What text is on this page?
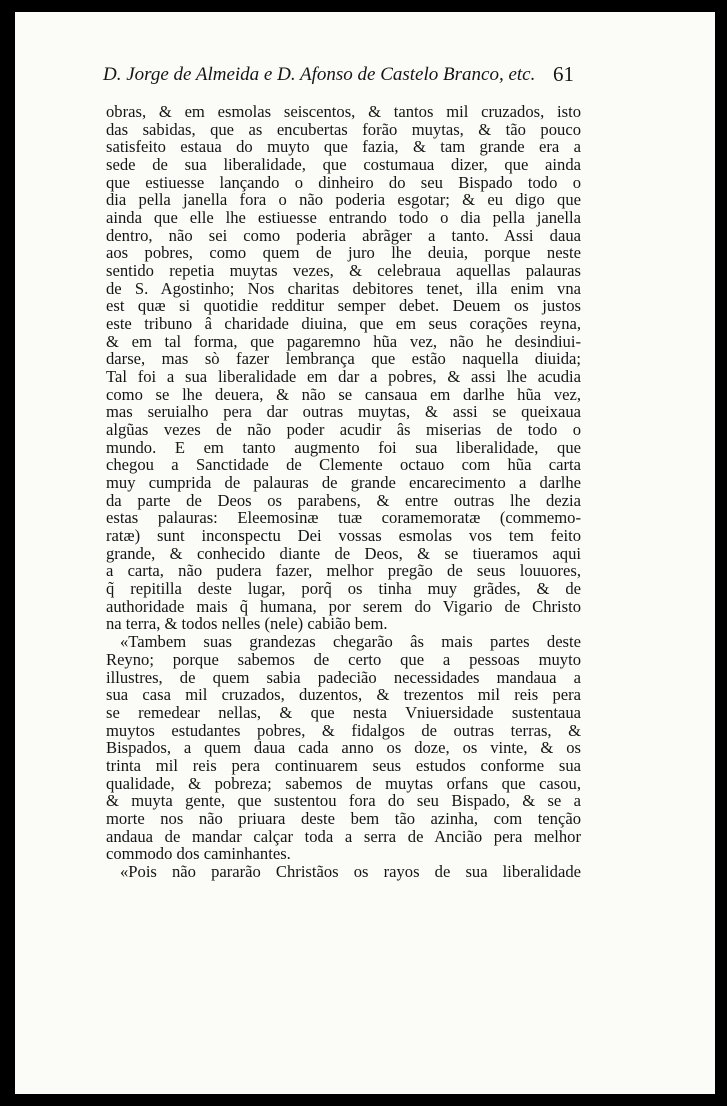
D. Jorge de Almeida e D. Afonso de Castelo Branco, etc. 61
obras, & em esmolas seiscentos, & tantos mil cruzados, isto
das sabidas, que as encubertas forão muytas, & tão pouco
satisfeito estaua do muyto que fazia, & tam grande era a
sede de sua liberalidade, que costumaua dizer, que ainda
que estiuesse lançando o dinheiro do seu Bispado todo o
dia pella janella fora o não poderia esgotar; & eu digo que
ainda que elle lhe estiuesse entrando todo o dia pella janella
dentro, não sei como poderia abrãger a tanto. Assi daua
aos pobres, como quem de juro lhe deuia, porque neste
sentido repetia muytas vezes, & celebraua aquellas palauras
de S. Agostinho; Nos charitas debitores tenet, illa enim vna
est quæ si quotidie redditur semper debet. Deuem os justos
este tribuno â charidade diuina, que em seus corações reyna,
& em tal forma, que pagaremno hũa vez, não he desindiui-
darse, mas sò fazer lembrança que estão naquella diuida;
Tal foi a sua liberalidade em dar a pobres, & assi lhe acudia
como se lhe deuera, & não se cansaua em darlhe hũa vez,
mas seruialho pera dar outras muytas, & assi se queixaua
algũas vezes de não poder acudir âs miserias de todo o
mundo. E em tanto augmento foi sua liberalidade, que
chegou a Sanctidade de Clemente octauo com hũa carta
muy cumprida de palauras de grande encarecimento a darlhe
da parte de Deos os parabens, & entre outras lhe dezia
estas palauras: Eleemosinæ tuæ coramemoratæ (commemo-
ratæ) sunt inconspectu Dei vossas esmolas vos tem feito
grande, & conhecido diante de Deos, & se tiueramos aqui
a carta, não pudera fazer, melhor pregão de seus louuores,
q̃ repitilla deste lugar, porq̃ os tinha muy grãdes, & de
authoridade mais q̃ humana, por serem do Vigario de Christo
na terra, & todos nelles (nele) cabião bem.
«Tambem suas grandezas chegarão âs mais partes deste
Reyno; porque sabemos de certo que a pessoas muyto
illustres, de quem sabia padecião necessidades mandaua a
sua casa mil cruzados, duzentos, & trezentos mil reis pera
se remedear nellas, & que nesta Vniuersidade sustentaua
muytos estudantes pobres, & fidalgos de outras terras, &
Bispados, a quem daua cada anno os doze, os vinte, & os
trinta mil reis pera continuarem seus estudos conforme sua
qualidade, & pobreza; sabemos de muytas orfans que casou,
& muyta gente, que sustentou fora do seu Bispado, & se a
morte nos não priuara deste bem tão azinha, com tenção
andaua de mandar calçar toda a serra de Ancião pera melhor
commodo dos caminhantes.
«Pois não pararão Christãos os rayos de sua liberalidade
